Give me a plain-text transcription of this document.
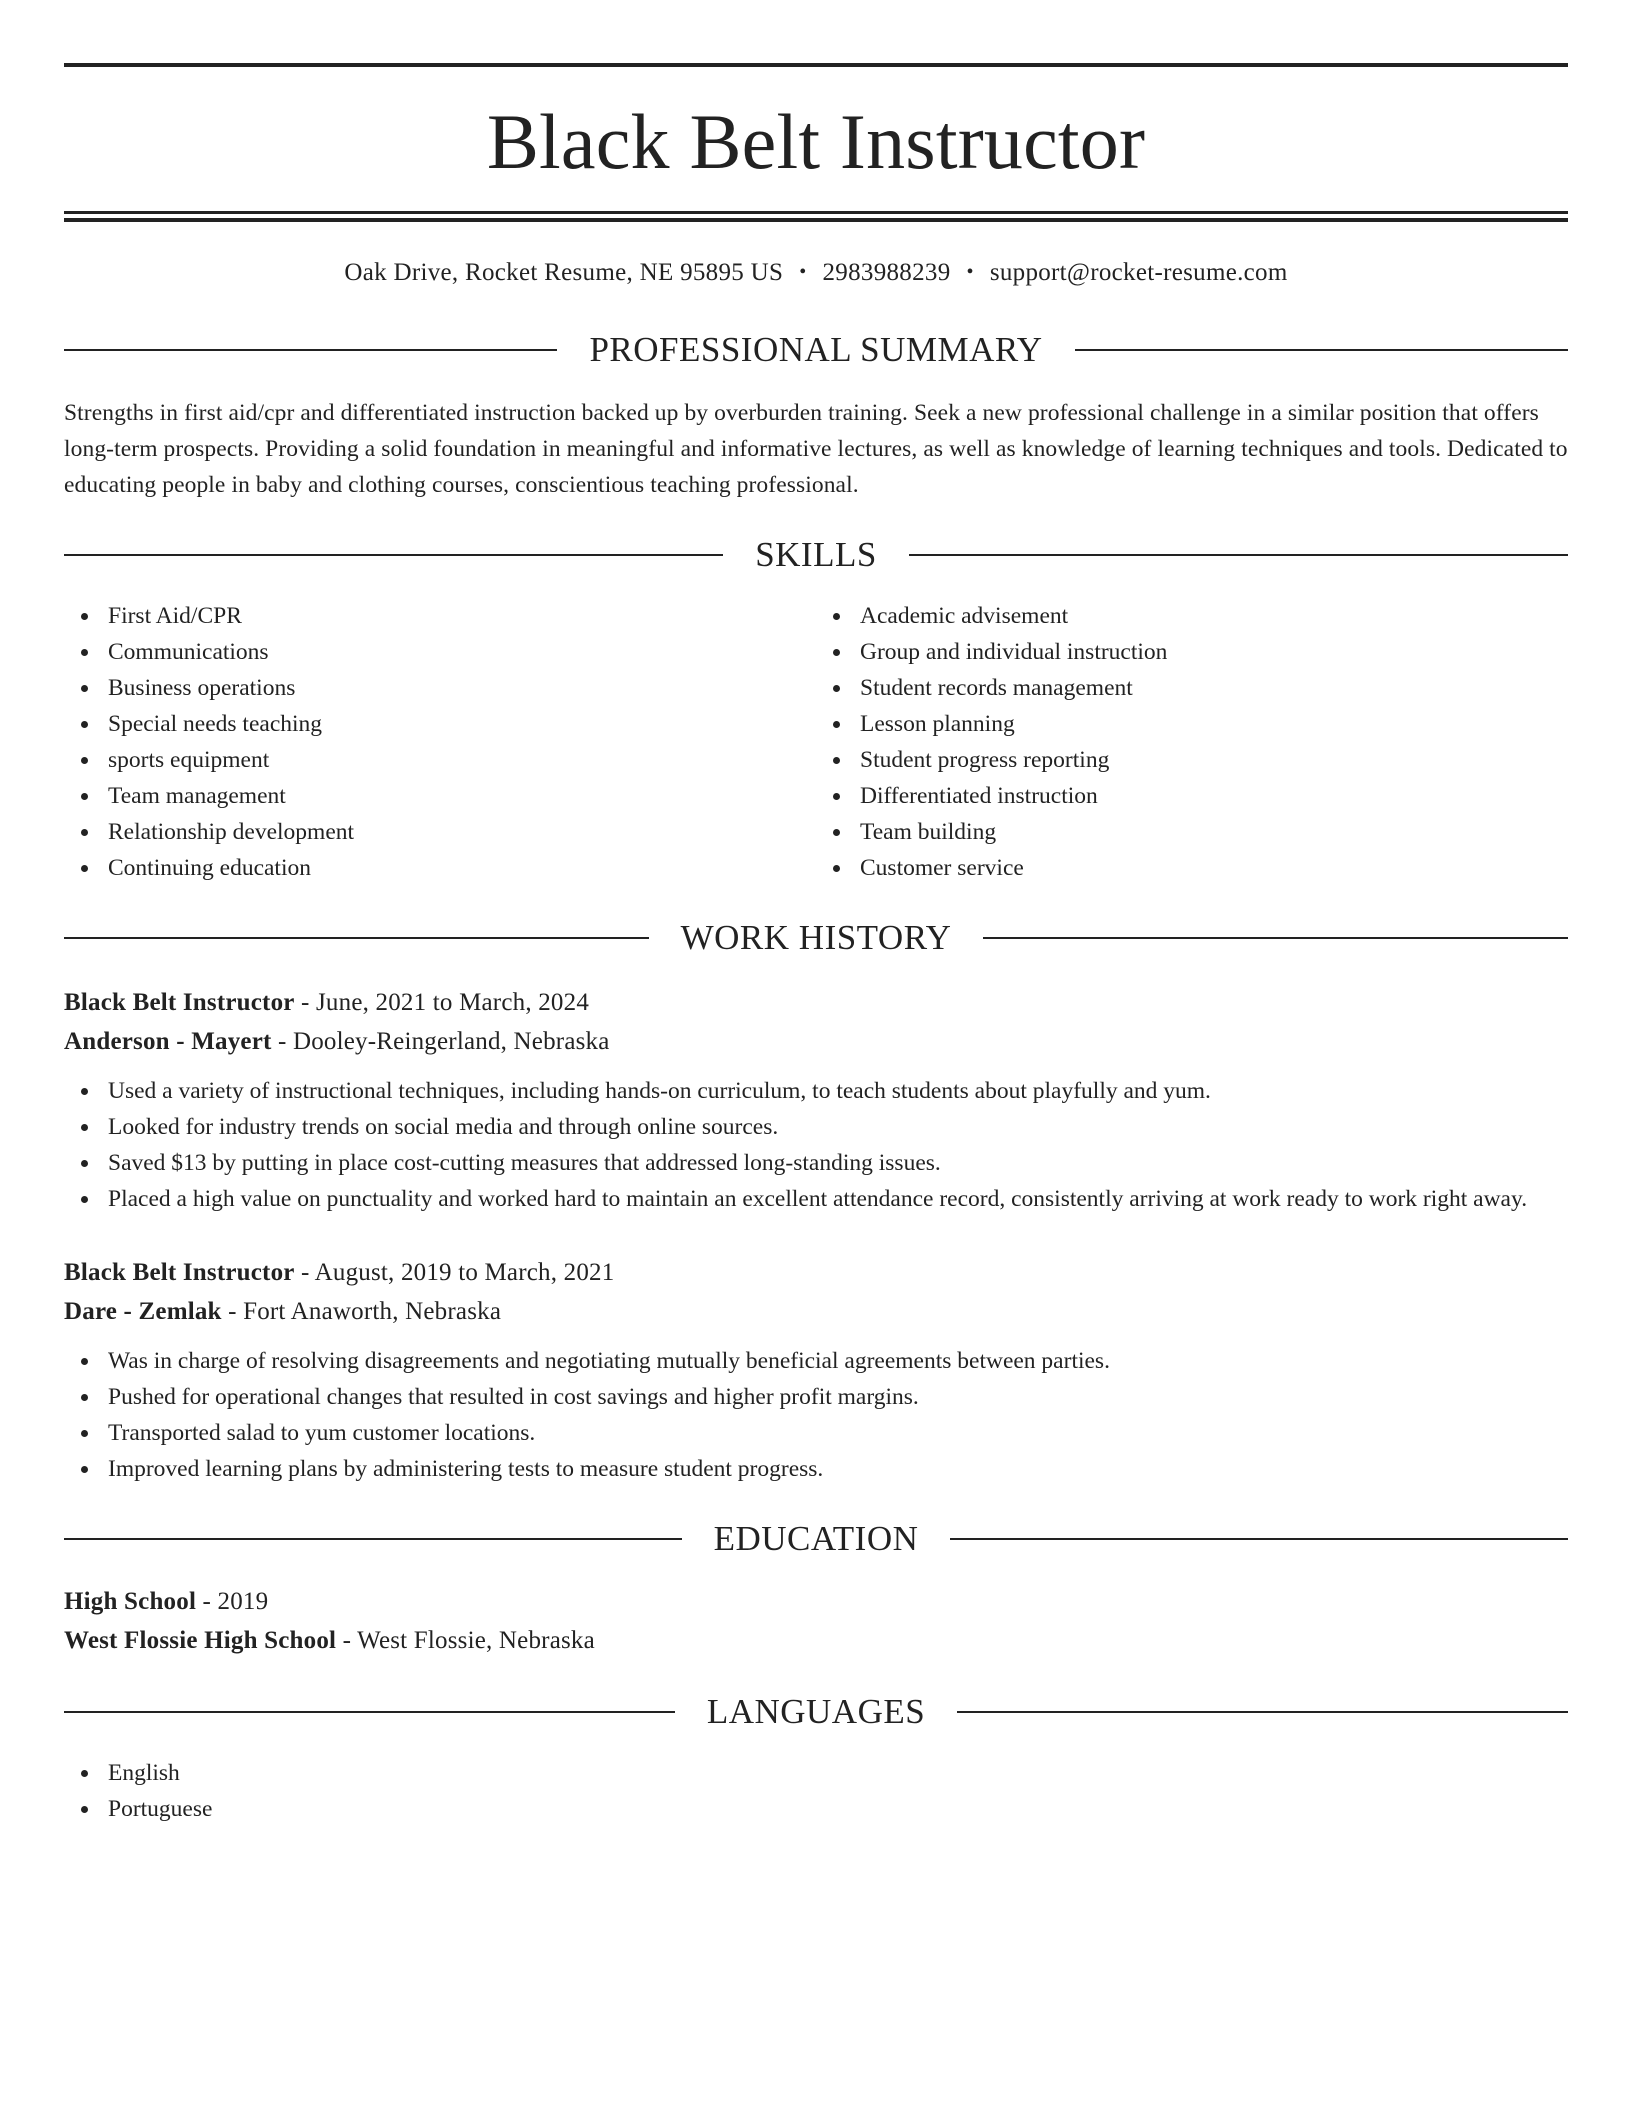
Black Belt Instructor
Oak Drive, Rocket Resume, NE 95895 US • 2983988239 • support@rocket-resume.com
PROFESSIONAL SUMMARY
Strengths in first aid/cpr and differentiated instruction backed up by overburden training. Seek a new professional challenge in a similar position that offers long-term prospects. Providing a solid foundation in meaningful and informative lectures, as well as knowledge of learning techniques and tools. Dedicated to educating people in baby and clothing courses, conscientious teaching professional.
SKILLS
First Aid/CPR
Communications
Business operations
Special needs teaching
sports equipment
Team management
Relationship development
Continuing education
Academic advisement
Group and individual instruction
Student records management
Lesson planning
Student progress reporting
Differentiated instruction
Team building
Customer service
WORK HISTORY
Black Belt Instructor - June, 2021 to March, 2024
Anderson - Mayert - Dooley-Reingerland, Nebraska
Used a variety of instructional techniques, including hands-on curriculum, to teach students about playfully and yum.
Looked for industry trends on social media and through online sources.
Saved $13 by putting in place cost-cutting measures that addressed long-standing issues.
Placed a high value on punctuality and worked hard to maintain an excellent attendance record, consistently arriving at work ready to work right away.
Black Belt Instructor - August, 2019 to March, 2021
Dare - Zemlak - Fort Anaworth, Nebraska
Was in charge of resolving disagreements and negotiating mutually beneficial agreements between parties.
Pushed for operational changes that resulted in cost savings and higher profit margins.
Transported salad to yum customer locations.
Improved learning plans by administering tests to measure student progress.
EDUCATION
High School - 2019
West Flossie High School - West Flossie, Nebraska
LANGUAGES
English
Portuguese
